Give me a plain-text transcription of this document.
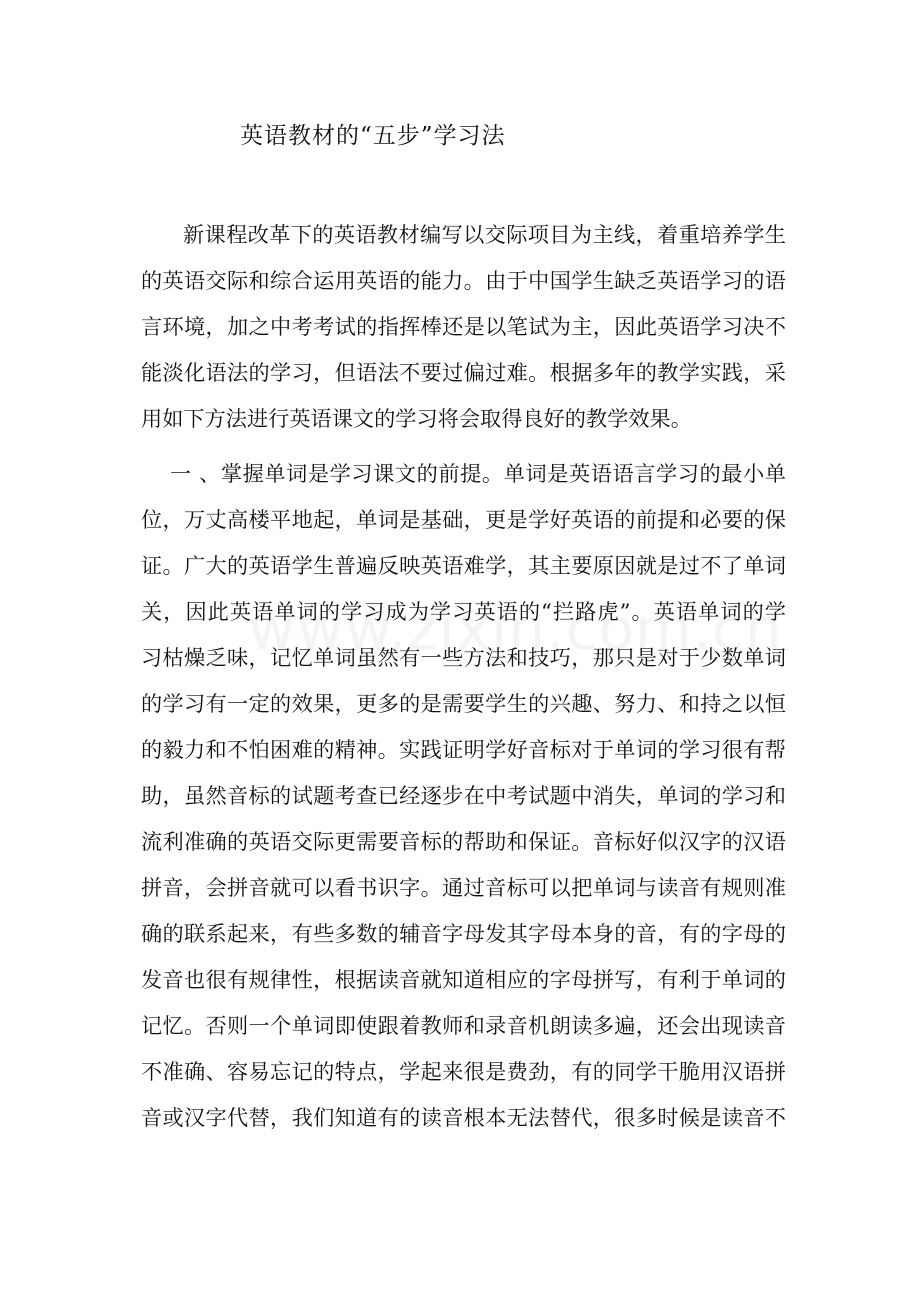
英语教材的“五步”学习法
新课程改革下的英语教材编写以交际项目为主线，着重培养学生
的英语交际和综合运用英语的能力。由于中国学生缺乏英语学习的语
言环境，加之中考考试的指挥棒还是以笔试为主，因此英语学习决不
能淡化语法的学习，但语法不要过偏过难。根据多年的教学实践，采
用如下方法进行英语课文的学习将会取得良好的教学效果。
一 、掌握单词是学习课文的前提。单词是英语语言学习的最小单
位，万丈高楼平地起，单词是基础，更是学好英语的前提和必要的保
证。广大的英语学生普遍反映英语难学，其主要原因就是过不了单词
关，因此英语单词的学习成为学习英语的“拦路虎”。英语单词的学
习枯燥乏味，记忆单词虽然有一些方法和技巧，那只是对于少数单词
的学习有一定的效果，更多的是需要学生的兴趣、努力、和持之以恒
的毅力和不怕困难的精神。实践证明学好音标对于单词的学习很有帮
助，虽然音标的试题考查已经逐步在中考试题中消失，单词的学习和
流利准确的英语交际更需要音标的帮助和保证。音标好似汉字的汉语
拼音，会拼音就可以看书识字。通过音标可以把单词与读音有规则准
确的联系起来，有些多数的辅音字母发其字母本身的音，有的字母的
发音也很有规律性，根据读音就知道相应的字母拼写，有利于单词的
记忆。否则一个单词即使跟着教师和录音机朗读多遍，还会出现读音
不准确、容易忘记的特点，学起来很是费劲，有的同学干脆用汉语拼
音或汉字代替，我们知道有的读音根本无法替代，很多时候是读音不
